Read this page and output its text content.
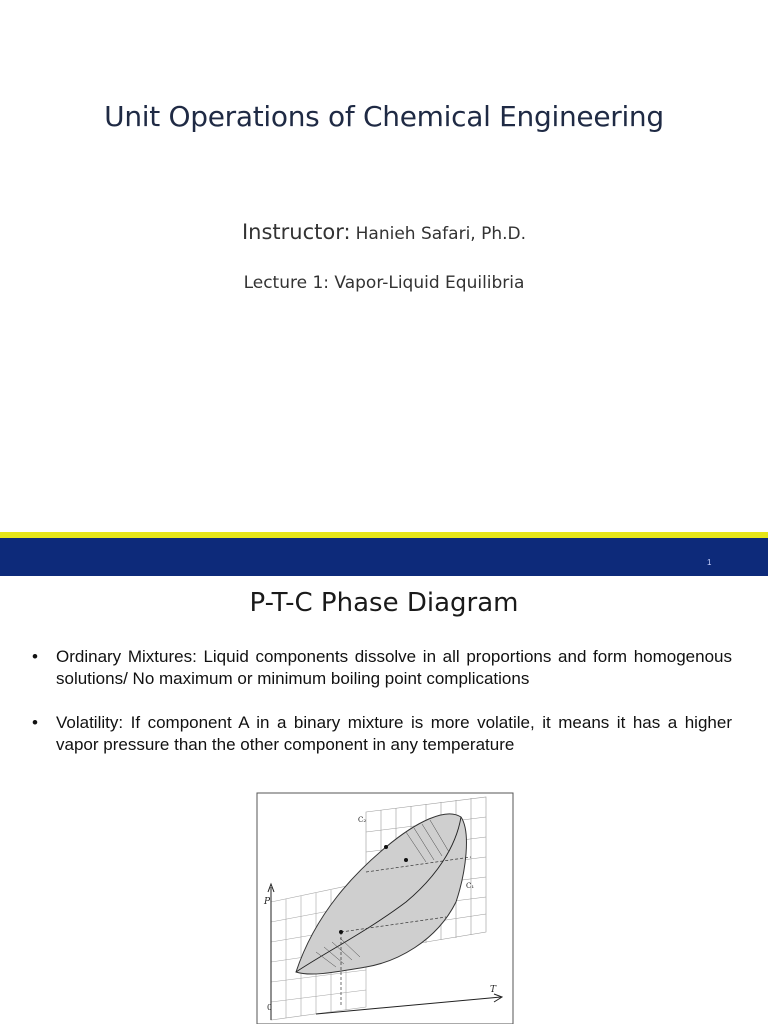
Unit Operations of Chemical Engineering
Instructor: Hanieh Safari, Ph.D.
Lecture 1: Vapor-Liquid Equilibria
1
P-T-C Phase Diagram
• Ordinary Mixtures: Liquid components dissolve in all proportions and form homogenous solutions/ No maximum or minimum boiling point complications
• Volatility: If component A in a binary mixture is more volatile, it means it has a higher vapor pressure than the other component in any temperature
P
T
0
C₁
C₂
